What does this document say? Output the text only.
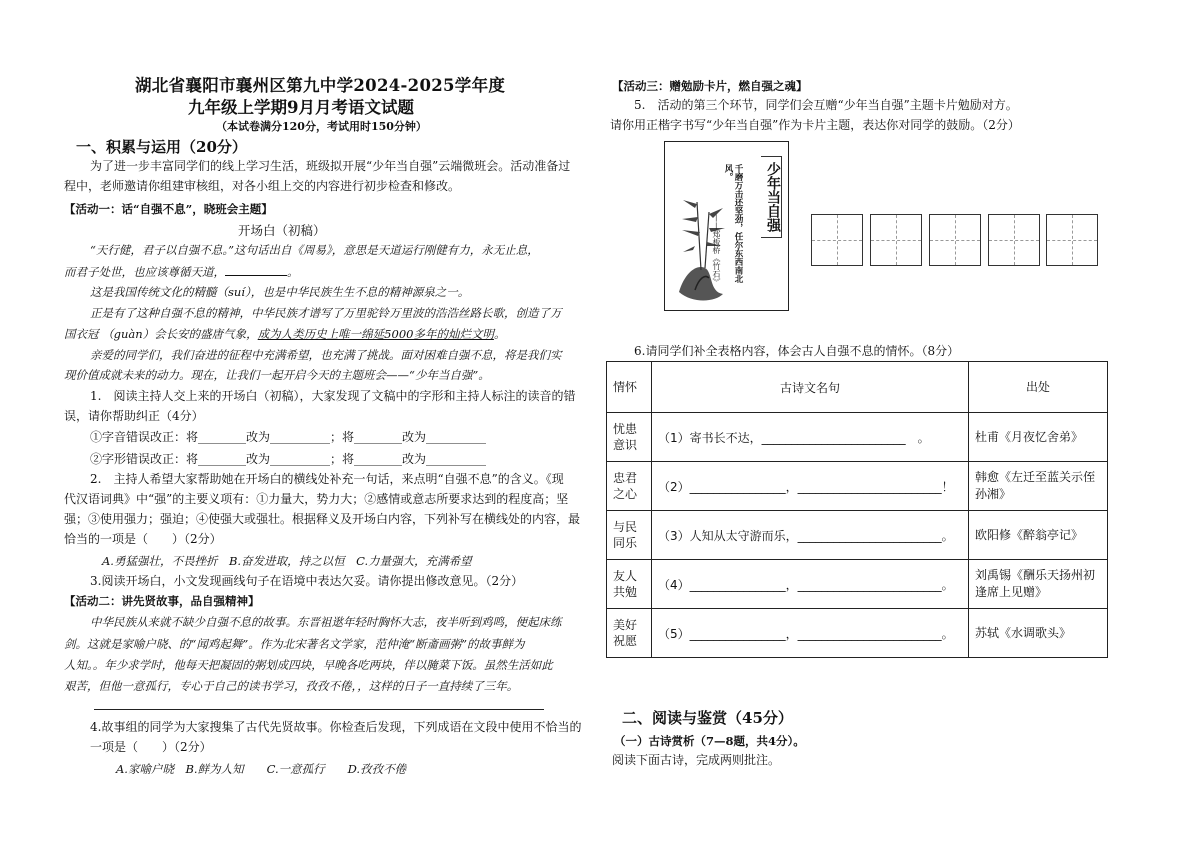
湖北省襄阳市襄州区第九中学2024-2025学年度
九年级上学期9月月考语文试题
（本试卷满分120分，考试用时150分钟）
一、积累与运用（20分）
为了进一步丰富同学们的线上学习生活，班级拟开展“少年当自强”云端微班会。活动准备过
程中，老师邀请你组建审核组，对各小组上交的内容进行初步检查和修改。
【活动一：话“自强不息”，晓班会主题】
开场白（初稿）
“天行健，君子以自强不息。”这句话出自《周易》，意思是天道运行刚健有力，永无止息，
而君子处世，也应该尊循天道，	。
这是我国传统文化的精髓（suí），也是中华民族生生不息的精神源泉之一。
正是有了这种自强不息的精神，中华民族才谱写了万里驼铃万里波的浩浩丝路长歌，创造了万
国衣冠 （guàn）会长安的盛唐气象，成为人类历史上唯一绵延5000多年的灿烂文明。
亲爱的同学们，我们奋进的征程中充满希望，也充满了挑战。面对困难自强不息，将是我们实
现价值成就未来的动力。现在，让我们一起开启今天的主题班会——“少年当自强”。
1.　阅读主持人交上来的开场白（初稿），大家发现了文稿中的字形和主持人标注的读音的错
误，请你帮助纠正（4分）
①字音错误改正：将________改为__________；将________改为__________
②字形错误改正：将________改为__________；将________改为__________
2.　主持人希望大家帮助她在开场白的横线处补充一句话，来点明“自强不息”的含义。《现
代汉语词典》中“强”的主要义项有：①力量大，势力大；②感情或意志所要求达到的程度高；坚
强；③使用强力；强迫；④使强大或强壮。根据释义及开场白内容，下列补写在横线处的内容，最
恰当的一项是（　　）（2分）
A.勇猛强壮，不畏挫折　B.奋发进取，持之以恒　C.力量强大，充满希望
3.阅读开场白，小文发现画线句子在语境中表达欠妥。请你提出修改意见。（2分）
【活动二：讲先贤故事，品自强精神】
中华民族从来就不缺少自强不息的故事。东晋祖逖年轻时胸怀大志，夜半听到鸡鸣，便起床练
剑。这就是家喻户晓、的“闻鸡起舞”。作为北宋著名文学家，范仲淹“断齑画粥”的故事鲜为
人知。。年少求学时，他每天把凝固的粥划成四块，早晚各吃两块，伴以腌菜下饭。虽然生活如此
艰苦，但他一意孤行，专心于自己的读书学习，孜孜不倦，，这样的日子一直持续了三年。
4.故事组的同学为大家搜集了古代先贤故事。你检查后发现，下列成语在文段中使用不恰当的
一项是（　　）（2分）
A.家喻户晓　B.鲜为人知　　C.一意孤行　　D.孜孜不倦
【活动三：赠勉励卡片，燃自强之魂】
5.　活动的第三个环节，同学们会互赠“少年当自强”主题卡片勉励对方。
请你用正楷字书写“少年当自强”作为卡片主题，表达你对同学的鼓励。（2分）
少年当自强
千磨万击还坚劲，任尔东西南北风。
——郑板桥《竹石》
6.请同学们补全表格内容，体会古人自强不息的情怀。（8分）
情怀	古诗文名句	出处
忧患意识	（1）寄书长不达，________________________　。	杜甫《月夜忆舍弟》
忠君之心	（2）________________，________________________！	韩愈《左迁至蓝关示侄孙湘》
与民同乐	（3）人知从太守游而乐，________________________。	欧阳修《醉翁亭记》
友人共勉	（4）________________，________________________。	刘禹锡《酬乐天扬州初逢席上见赠》
美好祝愿	（5）________________，________________________。	苏轼《水调歌头》
二、阅读与鉴赏（45分）
（一）古诗赏析（7—8题，共4分）。
阅读下面古诗，完成两则批注。
